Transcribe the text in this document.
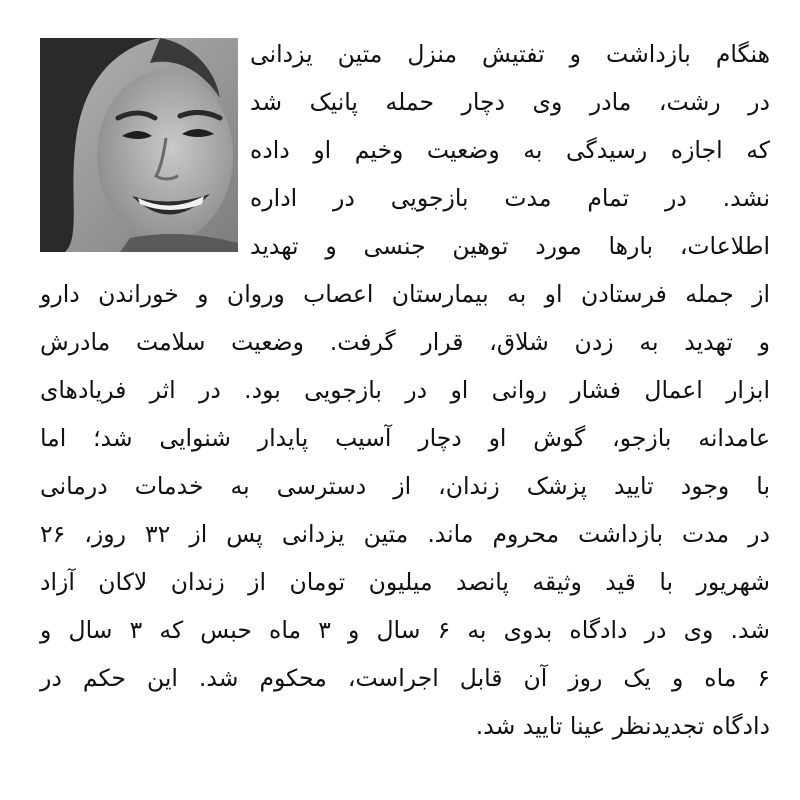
هنگام بازداشت و تفتیش منزل متین یزدانی
در رشت، مادر وی دچار حمله پانیک شد
که اجازه رسیدگی به وضعیت وخیم او داده
نشد. در تمام مدت بازجویی در اداره
اطلاعات، بارها مورد توهین جنسی و تهدید
از جمله فرستادن او به بیمارستان اعصاب وروان و خوراندن دارو
و تهدید به زدن شلاق، قرار گرفت. وضعیت سلامت مادرش
ابزار اعمال فشار روانی او در بازجویی بود. در اثر فریادهای
عامدانه بازجو، گوش او دچار آسیب پایدار شنوایی شد؛ اما
با وجود تایید پزشک زندان، از دسترسی به خدمات درمانی
در مدت بازداشت محروم ماند. متین یزدانی پس از ۳۲ روز، ۲۶
شهریور با قید وثیقه پانصد میلیون تومان از زندان لاکان آزاد
شد. وی در دادگاه بدوی به ۶ سال و ۳ ماه حبس که ۳ سال و
۶ ماه و یک روز آن قابل اجراست، محکوم شد. این حکم در
دادگاه تجدیدنظر عینا تایید شد.
